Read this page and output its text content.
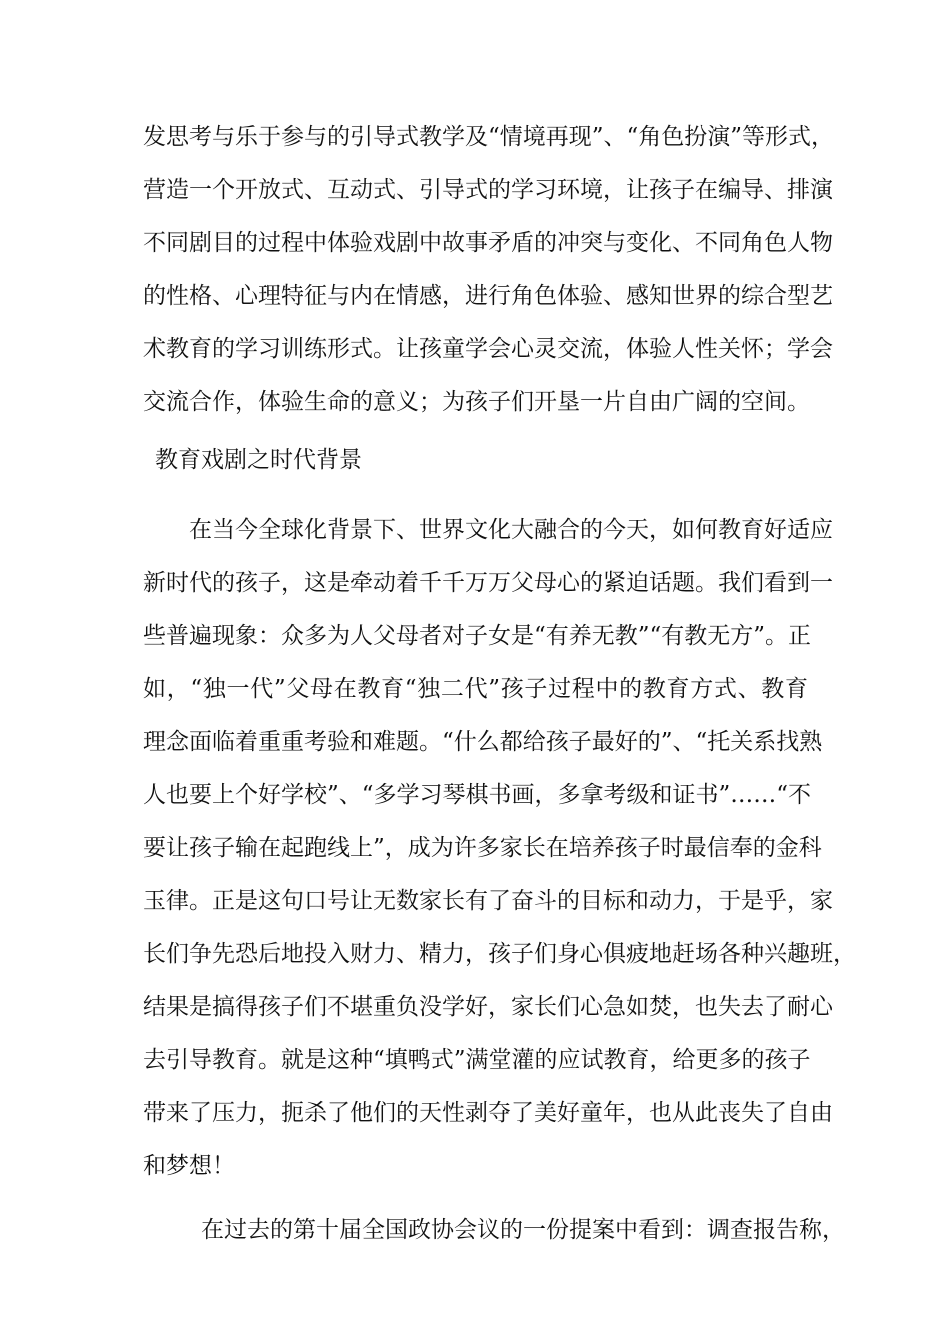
发思考与乐于参与的引导式教学及“情境再现”、“角色扮演”等形式，
营造一个开放式、互动式、引导式的学习环境，让孩子在编导、排演
不同剧目的过程中体验戏剧中故事矛盾的冲突与变化、不同角色人物
的性格、心理特征与内在情感，进行角色体验、感知世界的综合型艺
术教育的学习训练形式。让孩童学会心灵交流，体验人性关怀；学会
交流合作，体验生命的意义；为孩子们开垦一片自由广阔的空间。
教育戏剧之时代背景
在当今全球化背景下、世界文化大融合的今天，如何教育好适应
新时代的孩子，这是牵动着千千万万父母心的紧迫话题。我们看到一
些普遍现象：众多为人父母者对子女是“有养无教”“有教无方”。正
如，“独一代”父母在教育“独二代”孩子过程中的教育方式、教育
理念面临着重重考验和难题。“什么都给孩子最好的”、“托关系找熟
人也要上个好学校”、“多学习琴棋书画，多拿考级和证书”……“不
要让孩子输在起跑线上”，成为许多家长在培养孩子时最信奉的金科
玉律。正是这句口号让无数家长有了奋斗的目标和动力，于是乎，家
长们争先恐后地投入财力、精力，孩子们身心俱疲地赶场各种兴趣班，
结果是搞得孩子们不堪重负没学好，家长们心急如焚，也失去了耐心
去引导教育。就是这种“填鸭式”满堂灌的应试教育，给更多的孩子
带来了压力，扼杀了他们的天性剥夺了美好童年，也从此丧失了自由
和梦想！
在过去的第十届全国政协会议的一份提案中看到：调查报告称，
